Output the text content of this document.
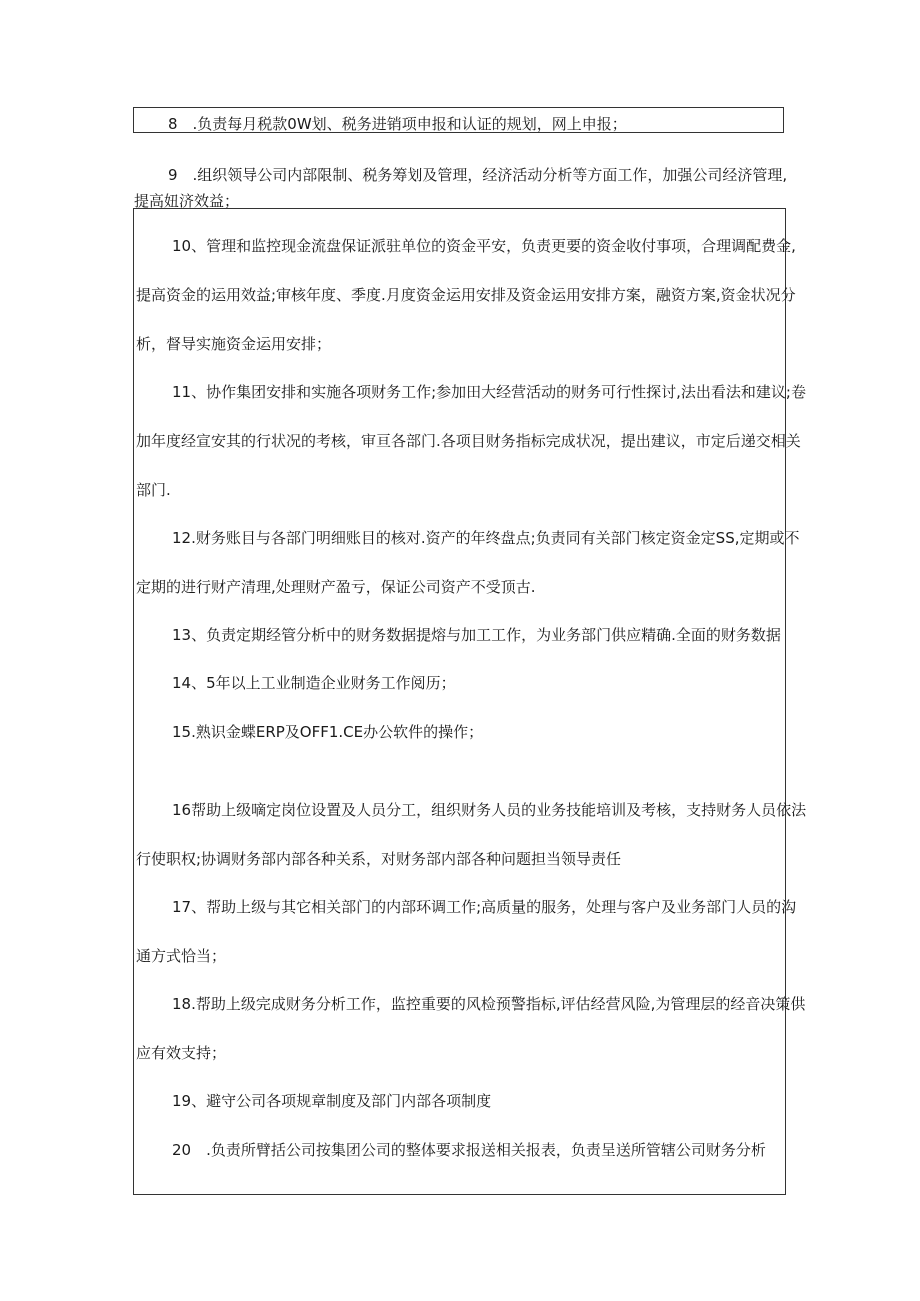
8　.负责每月税款0W划、税务进销项申报和认证的规划，网上申报；
9　.组织领导公司内部限制、税务筹划及管理，经济活动分析等方面工作，加强公司经济管理,
提高妞济效益；
10、管理和监控现金流盘保证派驻单位的资金平安，负责更要的资金收付事项，合理调配费金,
提高资金的运用效益;审核年度、季度.月度资金运用安排及资金运用安排方案，融资方案,资金状况分
析，督导实施资金运用安排；
11、协作集团安排和实施各项财务工作;参加田大经营活动的财务可行性探讨,法出看法和建议;卷
加年度经宣安其的行状况的考核，审亘各部门.各项目财务指标完成状况，提出建议，市定后递交相关
部门.
12.财务账目与各部门明细账目的核对.资产的年终盘点;负责同有关部门核定资金定SS,定期或不
定期的进行财产清理,处理财产盈亏，保证公司资产不受顶古.
13、负责定期经管分析中的财务数据提熔与加工工作，为业务部门供应精确.全面的财务数据
14、5年以上工业制造企业财务工作阅历；
15.熟识金蝶ERP及OFF1.CE办公软件的操作；
16帮助上级嘀定岗位设置及人员分工，组织财务人员的业务技能培训及考核，支持财务人员依法
行使职权;协调财务部内部各种关系，对财务部内部各种问题担当领导责任
17、帮助上级与其它相关部门的内部环调工作;高质量的服务，处理与客户及业务部门人员的沟
通方式恰当；
18.帮助上级完成财务分析工作，监控重要的风检预警指标,评估经营风险,为管理层的经音决策供
应有效支持；
19、避守公司各项规章制度及部门内部各项制度
20　.负责所臂括公司按集团公司的整体要求报送相关报表，负责呈送所管辖公司财务分析
